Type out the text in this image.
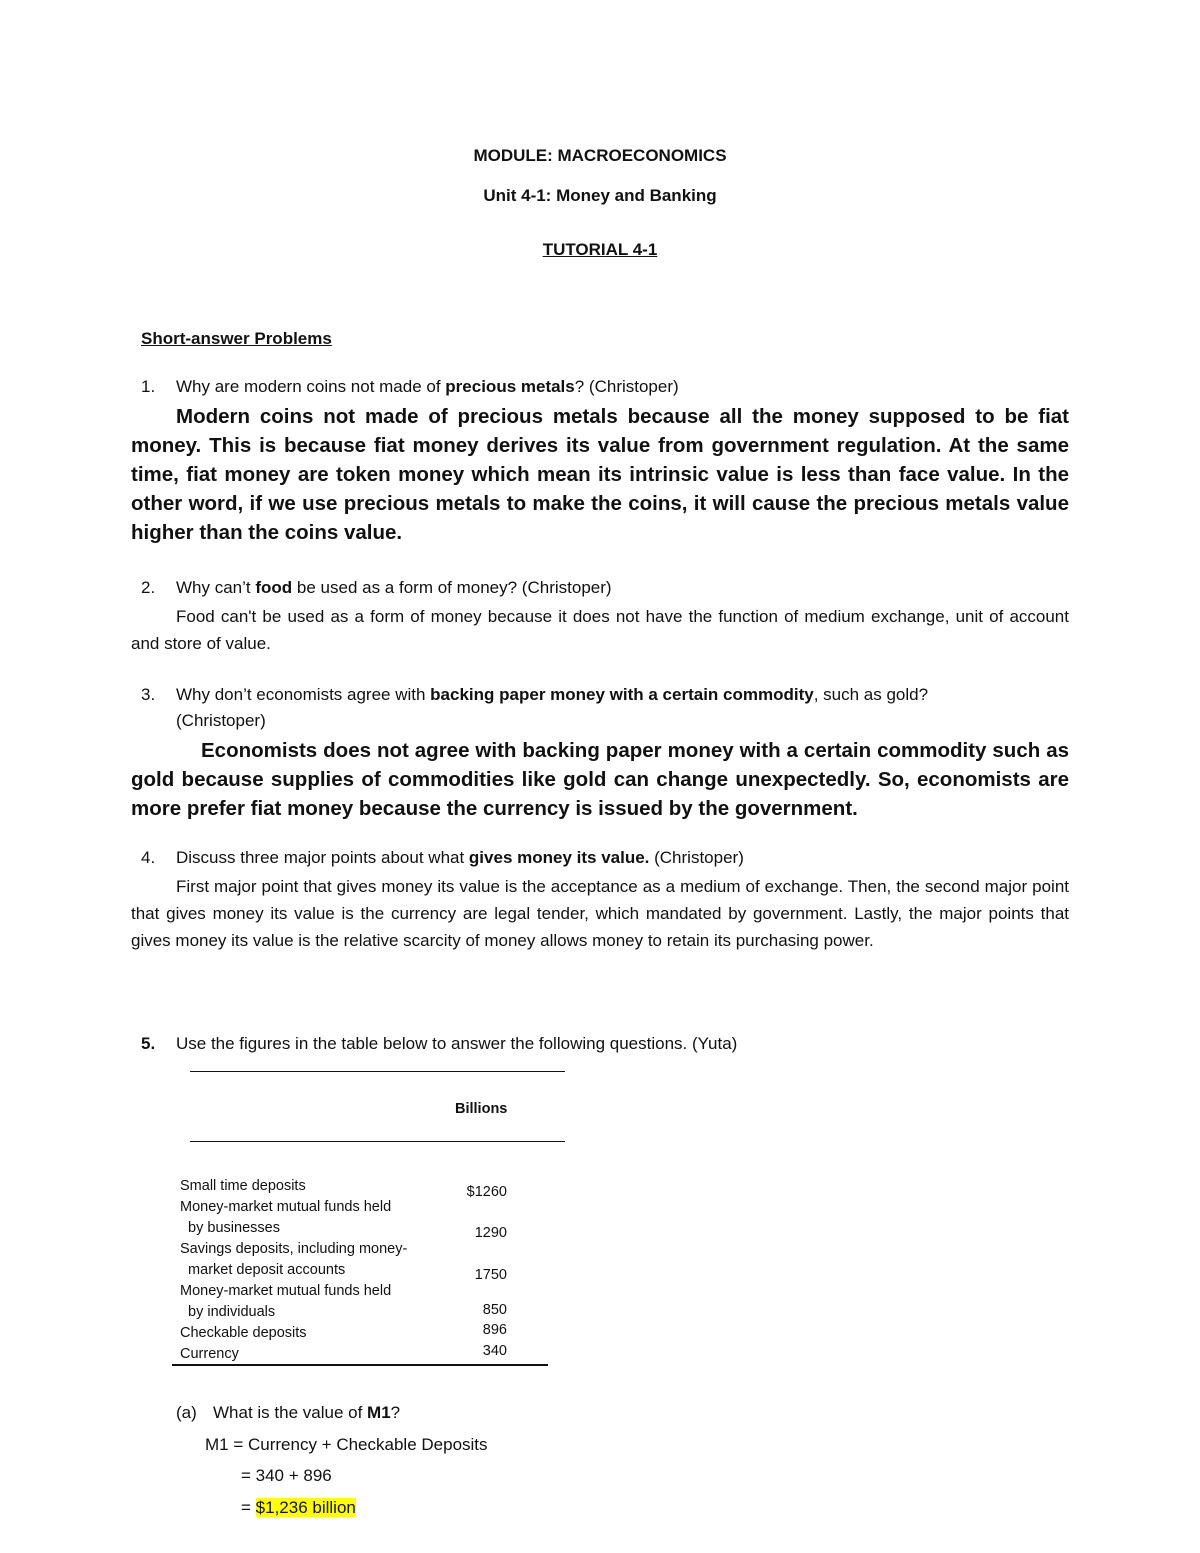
MODULE: MACROECONOMICS
Unit 4-1: Money and Banking
TUTORIAL 4-1
Short-answer Problems
1. Why are modern coins not made of precious metals? (Christoper)
Modern coins not made of precious metals because all the money supposed to be fiat money. This is because fiat money derives its value from government regulation. At the same time, fiat money are token money which mean its intrinsic value is less than face value. In the other word, if we use precious metals to make the coins, it will cause the precious metals value higher than the coins value.
2. Why can’t food be used as a form of money? (Christoper)
Food can't be used as a form of money because it does not have the function of medium exchange, unit of account and store of value.
3. Why don’t economists agree with backing paper money with a certain commodity, such as gold?
(Christoper)
Economists does not agree with backing paper money with a certain commodity such as gold because supplies of commodities like gold can change unexpectedly. So, economists are more prefer fiat money because the currency is issued by the government.
4. Discuss three major points about what gives money its value. (Christoper)
First major point that gives money its value is the acceptance as a medium of exchange. Then, the second major point that gives money its value is the currency are legal tender, which mandated by government. Lastly, the major points that gives money its value is the relative scarcity of money allows money to retain its purchasing power.
5. Use the figures in the table below to answer the following questions. (Yuta)
Billions
Small time deposits
Money-market mutual funds held
by businesses
Savings deposits, including money-
market deposit accounts
Money-market mutual funds held
by individuals
Checkable deposits
Currency
$1260
1290
1750
850
896
340
(a) What is the value of M1?
M1 = Currency + Checkable Deposits
= 340 + 896
= $1,236 billion
